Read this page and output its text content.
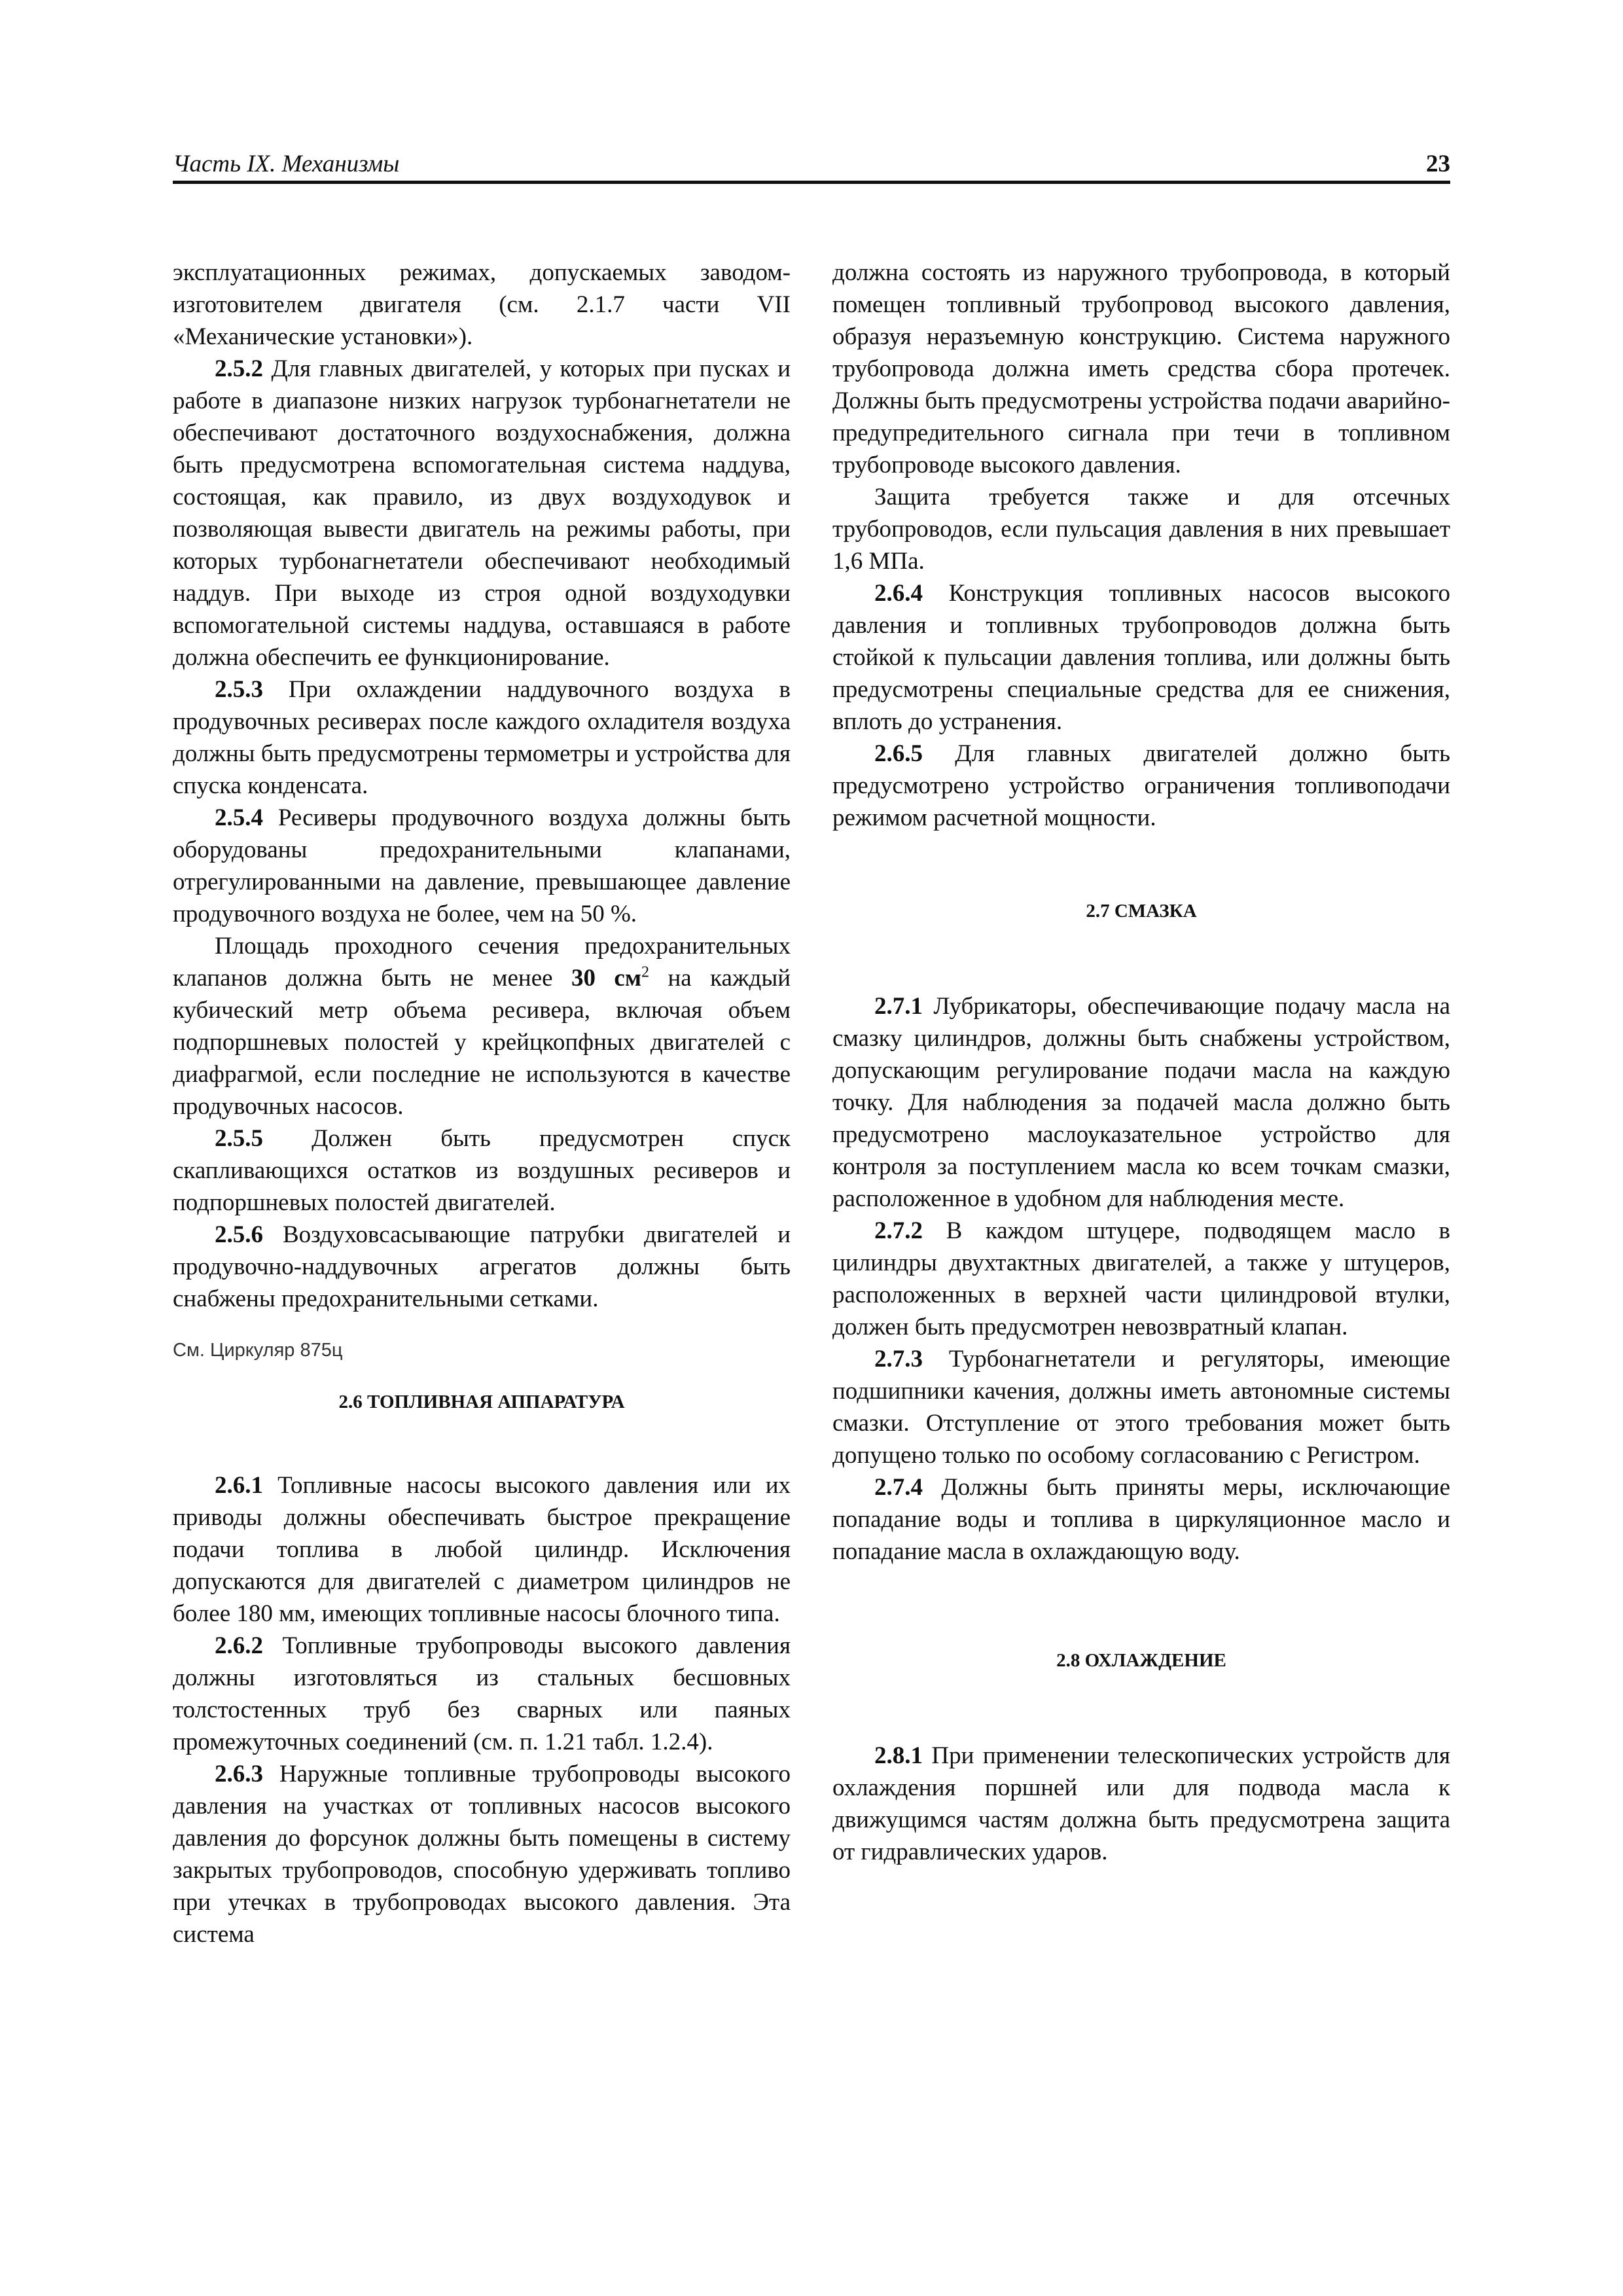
Часть IX. Механизмы	23

эксплуатационных режимах, допускаемых заводом-изготовителем двигателя (см. 2.1.7 части VII «Механические установки»).

2.5.2 Для главных двигателей, у которых при пусках и работе в диапазоне низких нагрузок турбонагнетатели не обеспечивают достаточного воздухоснабжения, должна быть предусмотрена вспомогательная система наддува, состоящая, как правило, из двух воздуходувок и позволяющая вывести двигатель на режимы работы, при которых турбонагнетатели обеспечивают необходимый наддув. При выходе из строя одной воздуходувки вспомогательной системы наддува, оставшаяся в работе должна обеспечить ее функционирование.

2.5.3 При охлаждении наддувочного воздуха в продувочных ресиверах после каждого охладителя воздуха должны быть предусмотрены термометры и устройства для спуска конденсата.

2.5.4 Ресиверы продувочного воздуха должны быть оборудованы предохранительными клапанами, отрегулированными на давление, превышающее давление продувочного воздуха не более, чем на 50 %.

Площадь проходного сечения предохранительных клапанов должна быть не менее 30 $см^2$ на каждый кубический метр объема ресивера, включая объем подпоршневых полостей у крейцкопфных двигателей с диафрагмой, если последние не используются в качестве продувочных насосов.

2.5.5 Должен быть предусмотрен спуск скапливающихся остатков из воздушных ресиверов и подпоршневых полостей двигателей.

2.5.6 Воздуховсасывающие патрубки двигателей и продувочно-наддувочных агрегатов должны быть снабжены предохранительными сетками.

См. Циркуляр 875ц

2.6 ТОПЛИВНАЯ АППАРАТУРА

2.6.1 Топливные насосы высокого давления или их приводы должны обеспечивать быстрое прекращение подачи топлива в любой цилиндр. Исключения допускаются для двигателей с диаметром цилиндров не более 180 мм, имеющих топливные насосы блочного типа.

2.6.2 Топливные трубопроводы высокого давления должны изготовляться из стальных бесшовных толстостенных труб без сварных или паяных промежуточных соединений (см. п. 1.21 табл. 1.2.4).

2.6.3 Наружные топливные трубопроводы высокого давления на участках от топливных насосов высокого давления до форсунок должны быть помещены в систему закрытых трубопроводов, способную удерживать топливо при утечках в трубопроводах высокого давления. Эта система

должна состоять из наружного трубопровода, в который помещен топливный трубопровод высокого давления, образуя неразъемную конструкцию. Система наружного трубопровода должна иметь средства сбора протечек. Должны быть предусмотрены устройства подачи аварийно-предупредительного сигнала при течи в топливном трубопроводе высокого давления.

Защита требуется также и для отсечных трубопроводов, если пульсация давления в них превышает 1,6 МПа.

2.6.4 Конструкция топливных насосов высокого давления и топливных трубопроводов должна быть стойкой к пульсации давления топлива, или должны быть предусмотрены специальные средства для ее снижения, вплоть до устранения.

2.6.5 Для главных двигателей должно быть предусмотрено устройство ограничения топливоподачи режимом расчетной мощности.

2.7 СМАЗКА

2.7.1 Лубрикаторы, обеспечивающие подачу масла на смазку цилиндров, должны быть снабжены устройством, допускающим регулирование подачи масла на каждую точку. Для наблюдения за подачей масла должно быть предусмотрено маслоуказательное устройство для контроля за поступлением масла ко всем точкам смазки, расположенное в удобном для наблюдения месте.

2.7.2 В каждом штуцере, подводящем масло в цилиндры двухтактных двигателей, а также у штуцеров, расположенных в верхней части цилиндровой втулки, должен быть предусмотрен невозвратный клапан.

2.7.3 Турбонагнетатели и регуляторы, имеющие подшипники качения, должны иметь автономные системы смазки. Отступление от этого требования может быть допущено только по особому согласованию с Регистром.

2.7.4 Должны быть приняты меры, исключающие попадание воды и топлива в циркуляционное масло и попадание масла в охлаждающую воду.

2.8 ОХЛАЖДЕНИЕ

2.8.1 При применении телескопических устройств для охлаждения поршней или для подвода масла к движущимся частям должна быть предусмотрена защита от гидравлических ударов.
